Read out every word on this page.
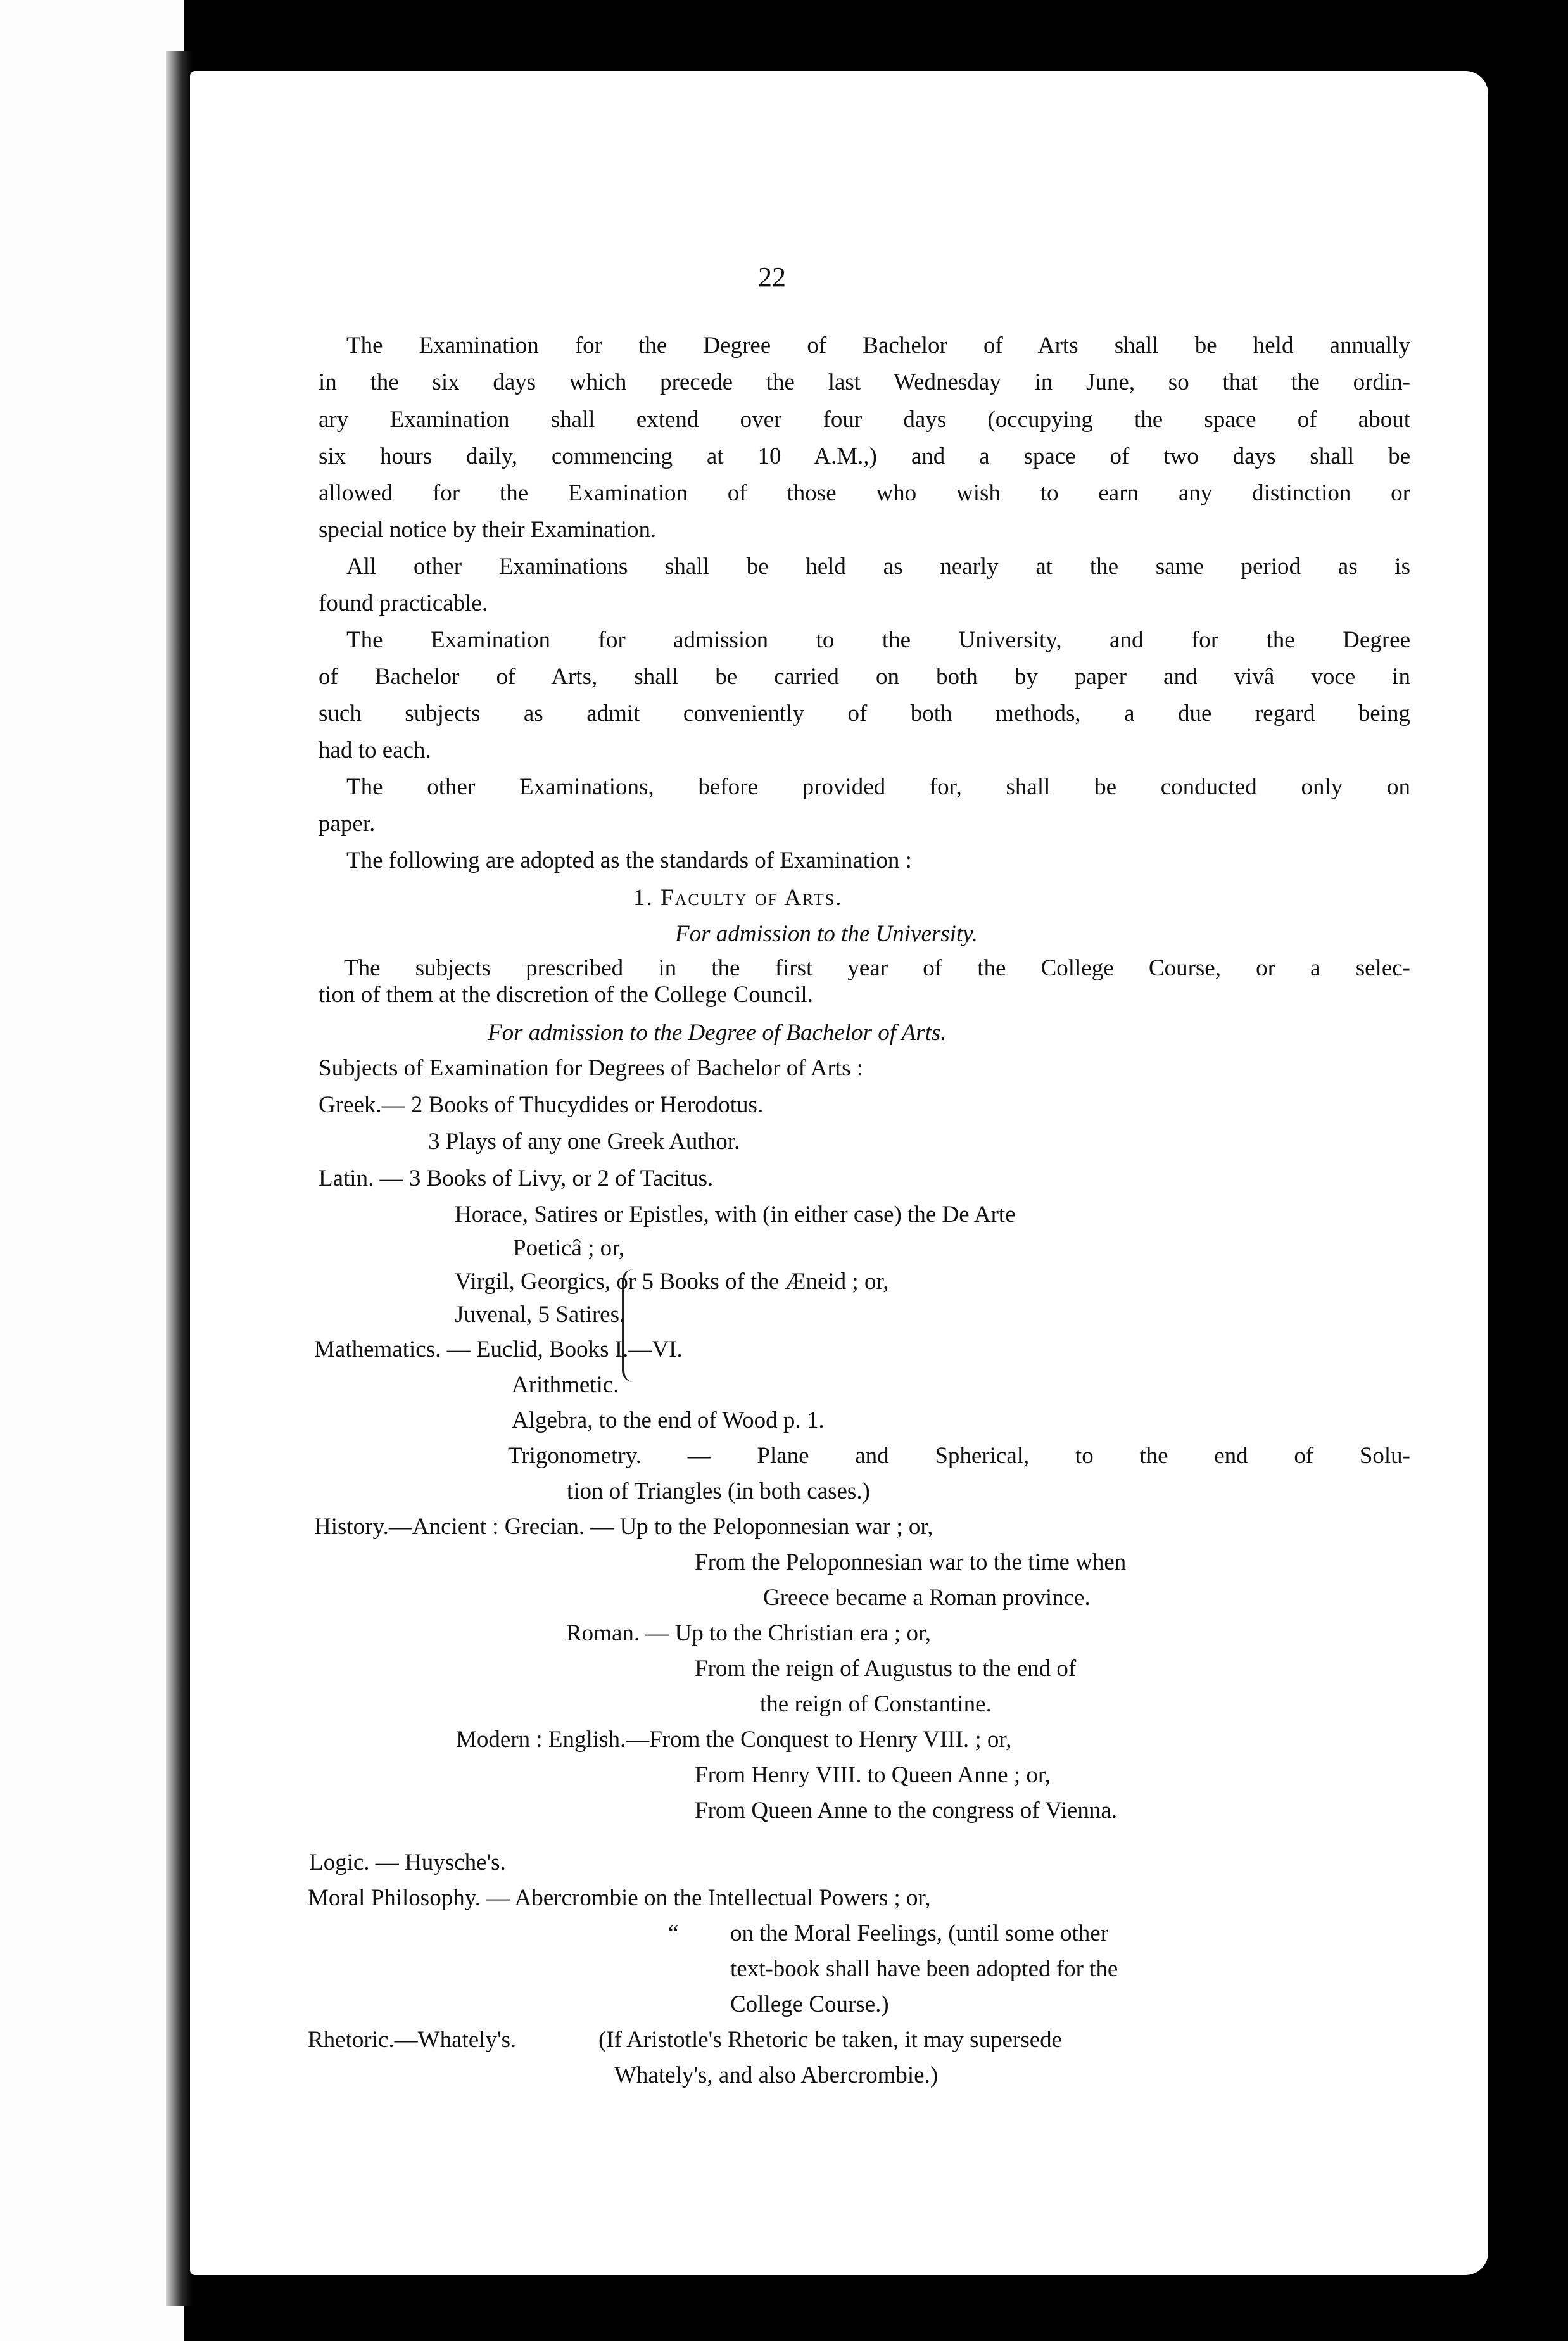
22
The Examination for the Degree of Bachelor of Arts shall be held annually
in the six days which precede the last Wednesday in June, so that the ordin-
ary Examination shall extend over four days (occupying the space of about
six hours daily, commencing at 10 A.M.,) and a space of two days shall be
allowed for the Examination of those who wish to earn any distinction or
special notice by their Examination.
All other Examinations shall be held as nearly at the same period as is
found practicable.
The Examination for admission to the University, and for the Degree
of Bachelor of Arts, shall be carried on both by paper and vivâ voce in
such subjects as admit conveniently of both methods, a due regard being
had to each.
The other Examinations, before provided for, shall be conducted only on
paper.
The following are adopted as the standards of Examination :
1. Faculty of Arts.
For admission to the University.
The subjects prescribed in the first year of the College Course, or a selec-
tion of them at the discretion of the College Council.
For admission to the Degree of Bachelor of Arts.
Subjects of Examination for Degrees of Bachelor of Arts :
Greek.— 2 Books of Thucydides or Herodotus.
3 Plays of any one Greek Author.
Latin. — 3 Books of Livy, or 2 of Tacitus.
Horace, Satires or Epistles, with (in either case) the De Arte
Poeticâ ; or,
Virgil, Georgics, or 5 Books of the Æneid ; or,
Juvenal, 5 Satires.
Mathematics. — Euclid, Books I.—VI.
Arithmetic.
Algebra, to the end of Wood p. 1.
Trigonometry. — Plane and Spherical, to the end of Solu-
tion of Triangles (in both cases.)
History.—Ancient : Grecian. — Up to the Peloponnesian war ; or,
From the Peloponnesian war to the time when
Greece became a Roman province.
Roman. — Up to the Christian era ; or,
From the reign of Augustus to the end of
the reign of Constantine.
Modern : English.—From the Conquest to Henry VIII. ; or,
From Henry VIII. to Queen Anne ; or,
From Queen Anne to the congress of Vienna.
Logic. — Huysche's.
Moral Philosophy. — Abercrombie on the Intellectual Powers ; or,
“ on the Moral Feelings, (until some other
text-book shall have been adopted for the
College Course.)
Rhetoric.—Whately's.	(If Aristotle's Rhetoric be taken, it may supersede
Whately's, and also Abercrombie.)
